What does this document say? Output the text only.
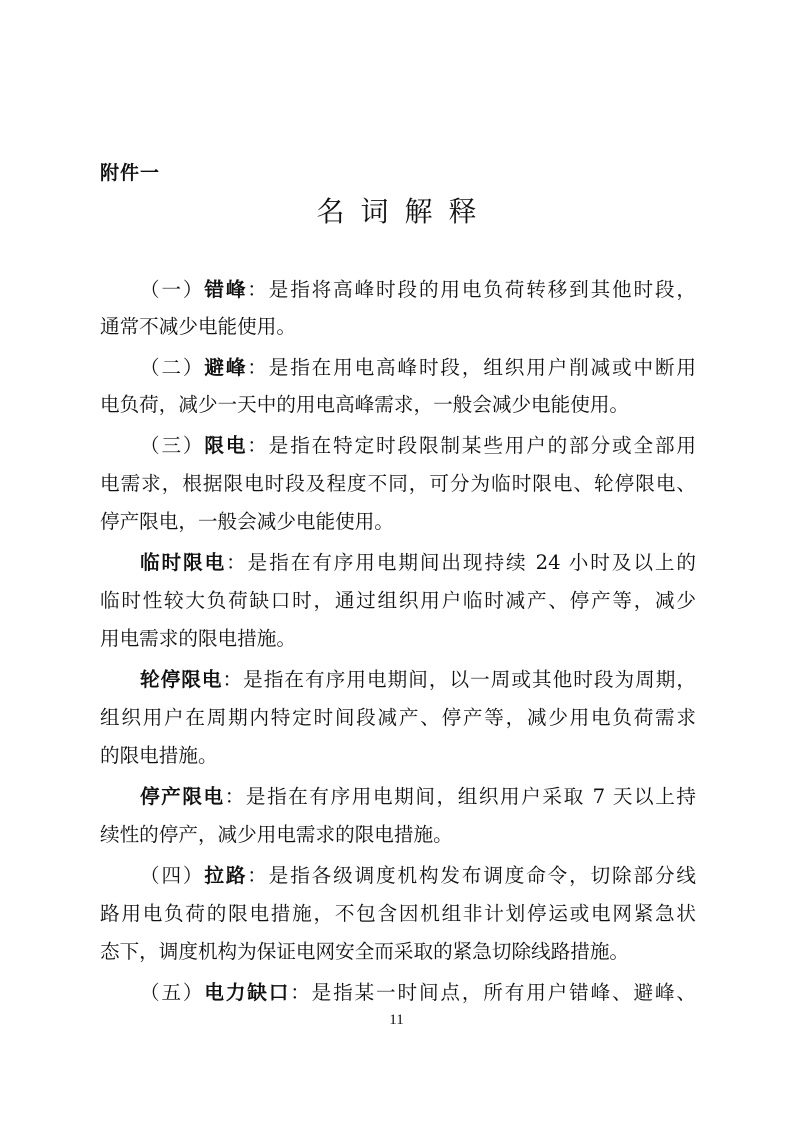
附件一
名词解释
（一）错峰：是指将高峰时段的用电负荷转移到其他时段，
通常不减少电能使用。
（二）避峰：是指在用电高峰时段，组织用户削减或中断用
电负荷，减少一天中的用电高峰需求，一般会减少电能使用。
（三）限电：是指在特定时段限制某些用户的部分或全部用
电需求，根据限电时段及程度不同，可分为临时限电、轮停限电、
停产限电，一般会减少电能使用。
临时限电：是指在有序用电期间出现持续 24 小时及以上的
临时性较大负荷缺口时，通过组织用户临时减产、停产等，减少
用电需求的限电措施。
轮停限电：是指在有序用电期间，以一周或其他时段为周期，
组织用户在周期内特定时间段减产、停产等，减少用电负荷需求
的限电措施。
停产限电：是指在有序用电期间，组织用户采取 7 天以上持
续性的停产，减少用电需求的限电措施。
（四）拉路：是指各级调度机构发布调度命令，切除部分线
路用电负荷的限电措施，不包含因机组非计划停运或电网紧急状
态下，调度机构为保证电网安全而采取的紧急切除线路措施。
（五）电力缺口：是指某一时间点，所有用户错峰、避峰、
11
